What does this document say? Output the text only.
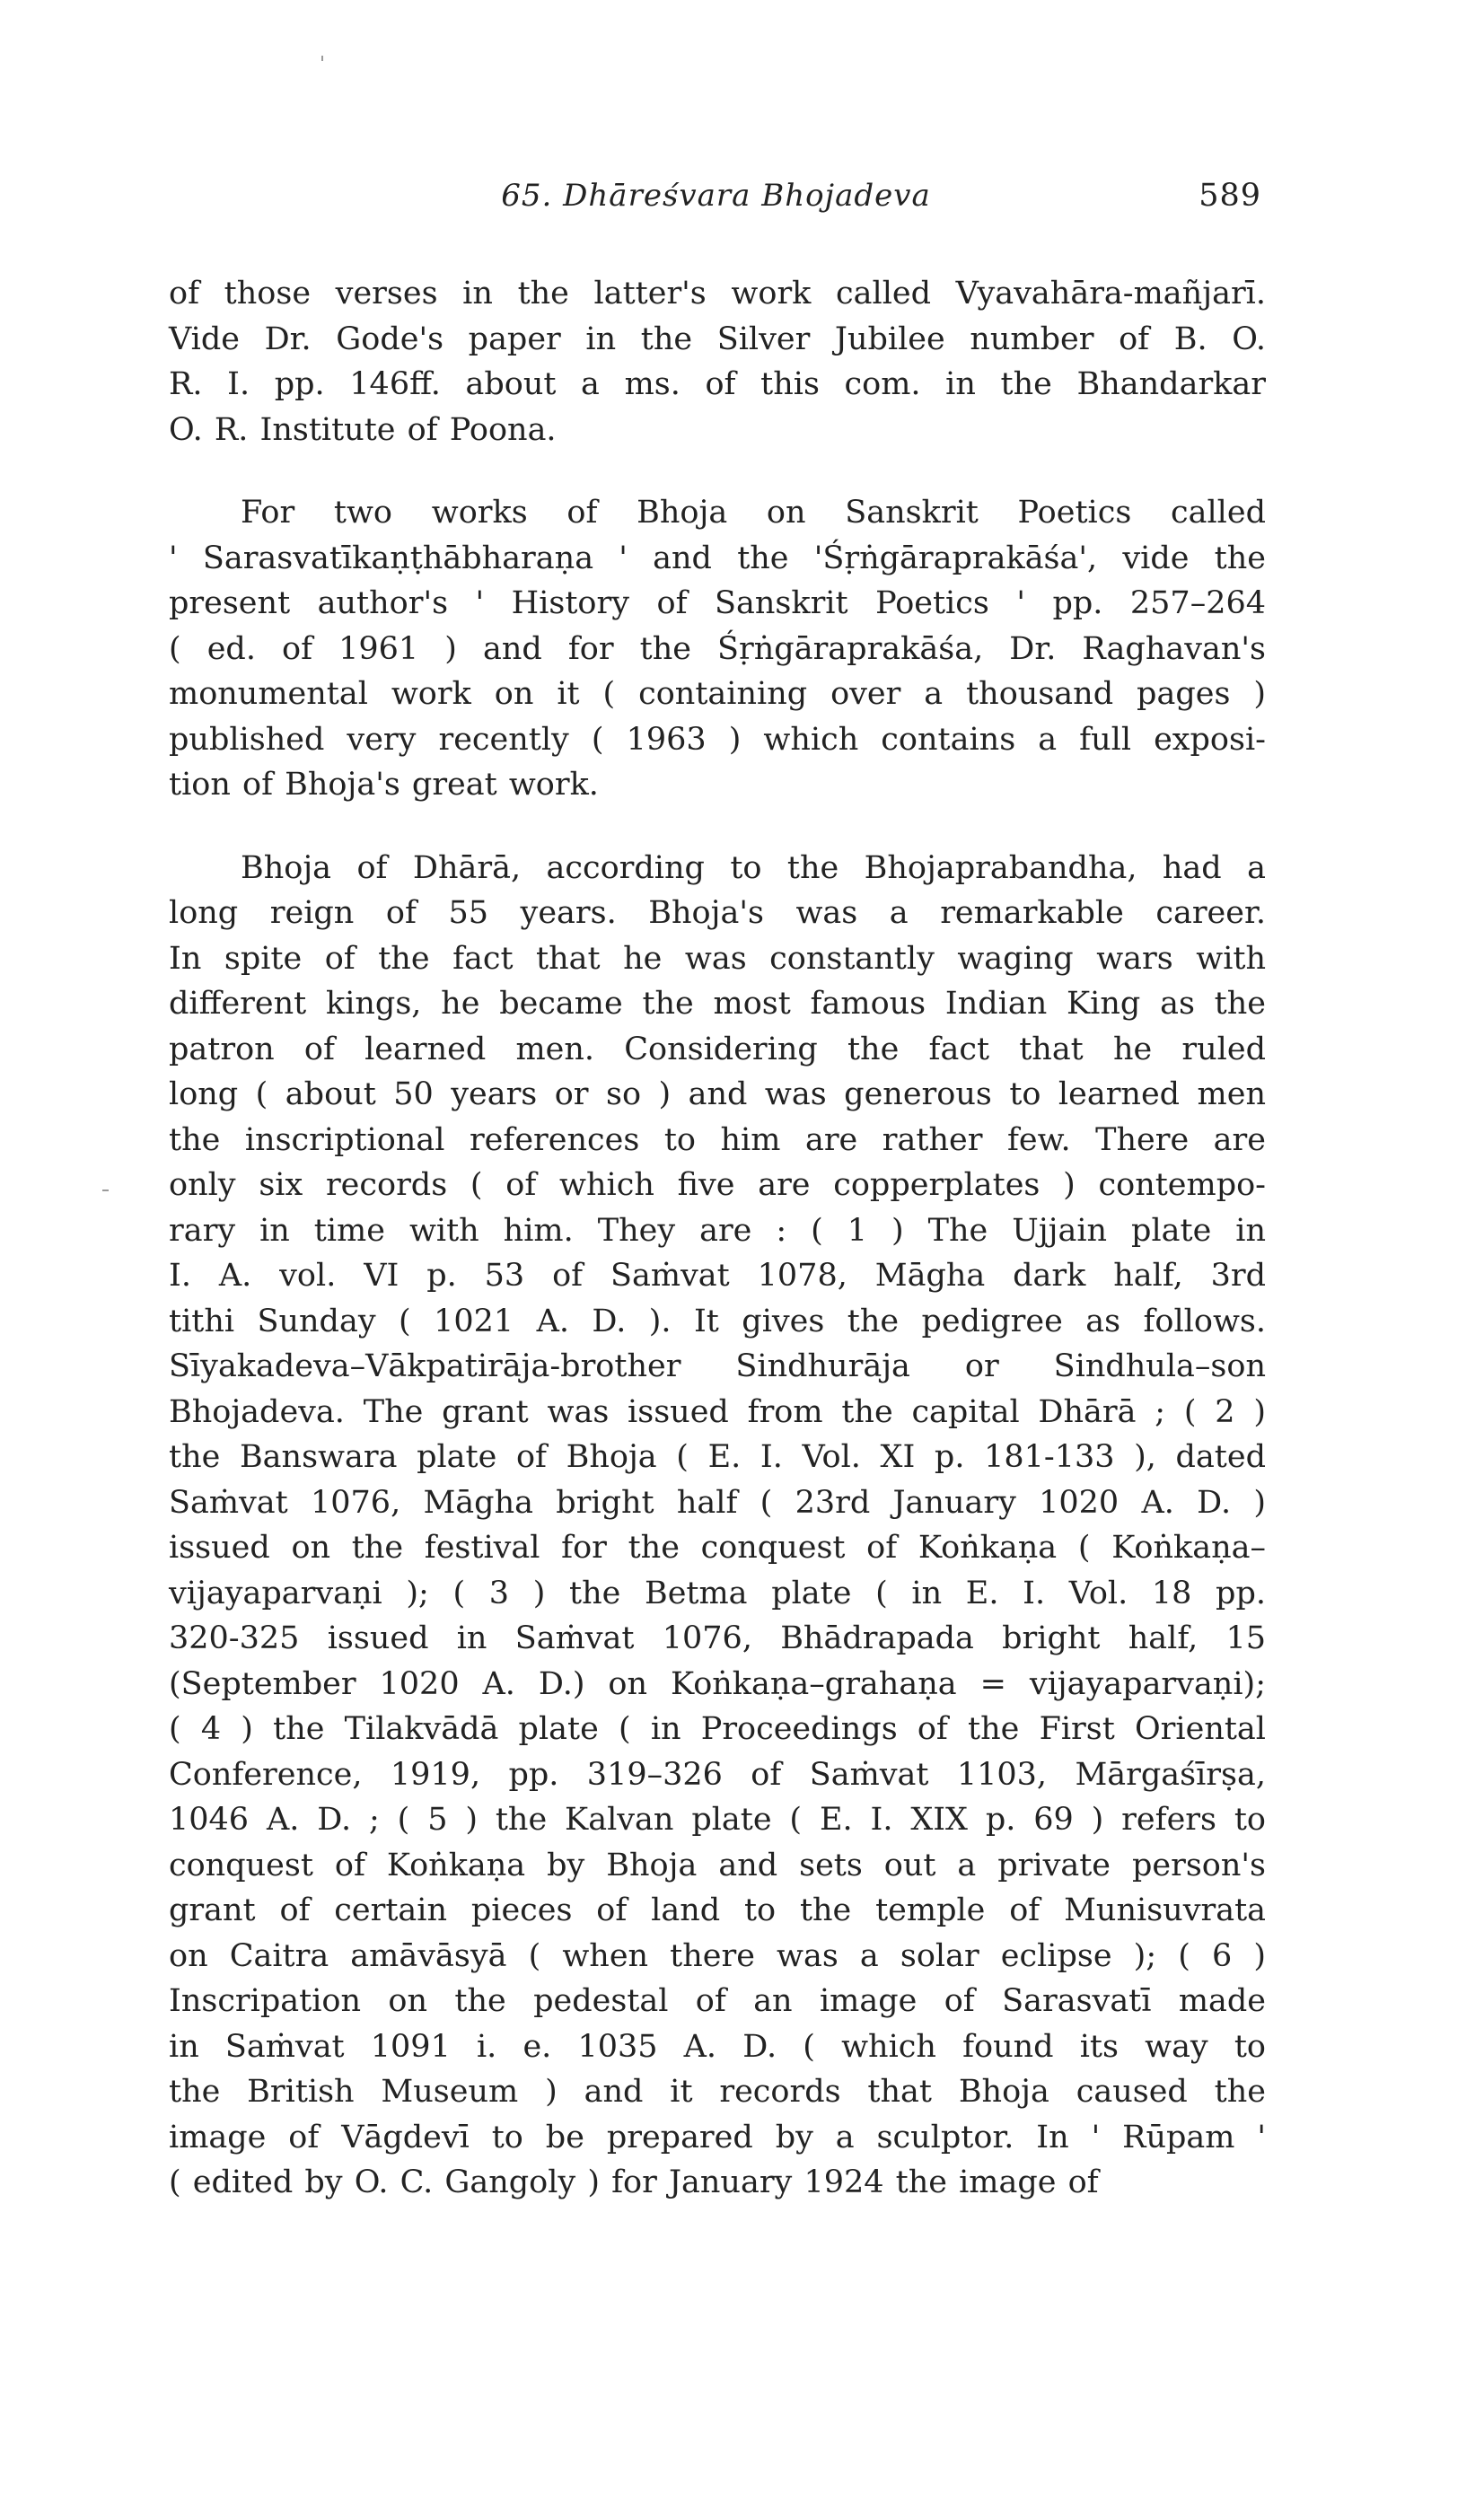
65. Dhāreśvara Bhojadeva	589
of those verses in the latter's work called Vyavahāra-mañjarī.
Vide Dr. Gode's paper in the Silver Jubilee number of B. O.
R. I. pp. 146ff. about a ms. of this com. in the Bhandarkar
O. R. Institute of Poona.
For two works of Bhoja on Sanskrit Poetics called
' Sarasvatīkaṇṭhābharaṇa ' and the 'Śṛṅgāraprakāśa', vide the
present author's ' History of Sanskrit Poetics ' pp. 257–264
( ed. of 1961 ) and for the Śṛṅgāraprakāśa, Dr. Raghavan's
monumental work on it ( containing over a thousand pages )
published very recently ( 1963 ) which contains a full exposi-
tion of Bhoja's great work.
Bhoja of Dhārā, according to the Bhojaprabandha, had a
long reign of 55 years. Bhoja's was a remarkable career.
In spite of the fact that he was constantly waging wars with
different kings, he became the most famous Indian King as the
patron of learned men. Considering the fact that he ruled
long ( about 50 years or so ) and was generous to learned men
the inscriptional references to him are rather few. There are
only six records ( of which five are copperplates ) contempo-
rary in time with him. They are : ( 1 ) The Ujjain plate in
I. A. vol. VI p. 53 of Saṁvat 1078, Māgha dark half, 3rd
tithi Sunday ( 1021 A. D. ). It gives the pedigree as follows.
Sīyakadeva–Vākpatirāja-brother Sindhurāja or Sindhula–son
Bhojadeva. The grant was issued from the capital Dhārā ; ( 2 )
the Banswara plate of Bhoja ( E. I. Vol. XI p. 181-133 ), dated
Saṁvat 1076, Māgha bright half ( 23rd January 1020 A. D. )
issued on the festival for the conquest of Koṅkaṇa ( Koṅkaṇa–
vijayaparvaṇi ); ( 3 ) the Betma plate ( in E. I. Vol. 18 pp.
320-325 issued in Saṁvat 1076, Bhādrapada bright half, 15
(September 1020 A. D.) on Koṅkaṇa–grahaṇa = vijayaparvaṇi);
( 4 ) the Tilakvādā plate ( in Proceedings of the First Oriental
Conference, 1919, pp. 319–326 of Saṁvat 1103, Mārgaśīrṣa,
1046 A. D. ; ( 5 ) the Kalvan plate ( E. I. XIX p. 69 ) refers to
conquest of Koṅkaṇa by Bhoja and sets out a private person's
grant of certain pieces of land to the temple of Munisuvrata
on Caitra amāvāsyā ( when there was a solar eclipse ); ( 6 )
Inscripation on the pedestal of an image of Sarasvatī made
in Saṁvat 1091 i. e. 1035 A. D. ( which found its way to
the British Museum ) and it records that Bhoja caused the
image of Vāgdevī to be prepared by a sculptor. In ' Rūpam '
( edited by O. C. Gangoly ) for January 1924 the image of
